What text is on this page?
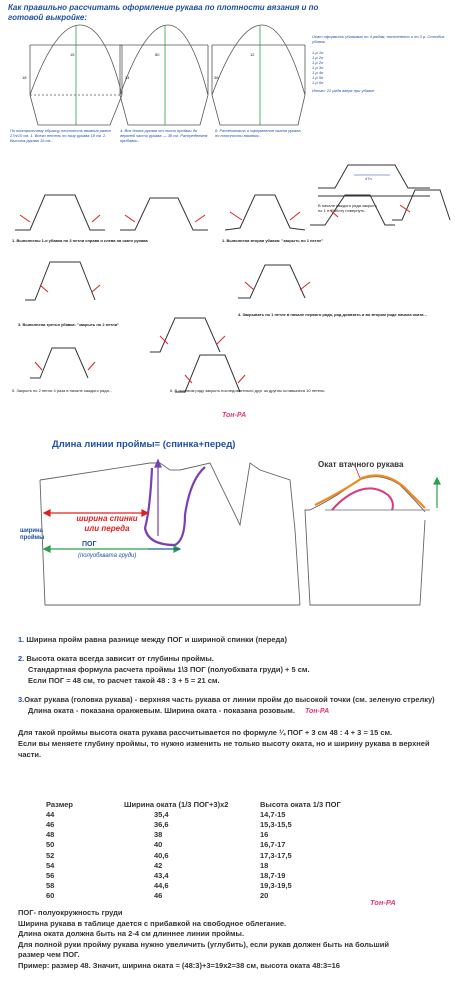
Как правильно рассчитать оформление рукава по плотности вязания и по
готовой выкройке:
По контрольному образцу плотность вязания равна 27п/10 см. 1. Всего петель по низу рукава 18 см. 2. Высота рукава 16 см...
4. Вся длина рукава от линии проймы до верхней части рукава — 38 см. Распределяем прибавки...
8. Распечатать и оформление оката рукава по плотности вязания...
Окат оформить убавками по 4 рядам, постепенно и по 3 р. Столбик убавок:
1-р 1п
1-р 2п
1-р 2п
1-р 3п
1-р 4п
1-р 5п
1-р 6п
Итого: 22 ряда вверх при убавке
47п
18	34	36
15	80	12
1. Выполнены 1-я убавка по 3 петли справа и слева на окате рукава	1. Выполнена вторая убавка: "закрыть по 1 петле"
В начале каждого ряда закрыть по 1 п. Работу повернуть.
3. Выполнена третья убавка: "закрыть по 2 петли"
4. Закрывать по 1 петле в начале первого ряда, ряд довязать и во втором ряде начала оката...
5. Закрыть по 2 петли 4 раза в начале каждого ряда...	6. В лицевом ряду закрыть последовательно друг за другом оставшиеся 10 петель.
Тон-РА
Длина линии проймы= (спинка+перед)
Окат втачного рукава
ширина спинки
или переда
ширина
проймы
ПОГ
(полуобхвата груди)

1. Ширина пройм равна разнице между ПОГ и шириной спинки (переда)

2. Высота оката всегда зависит от глубины проймы.

Стандартная формула расчета проймы 1\3 ПОГ (полуобхвата груди) + 5 см.

Если ПОГ = 48 см, то расчет такой 48 : 3 + 5 = 21 см.

3.Окат рукава (головка рукава) - верхняя часть рукава от линии пройм до высокой точки (см. зеленую стрелку)

Длина оката - показана оранжевым. Ширина оката - показана розовым. Тон-РА

Для такой проймы высота оката рукава рассчитывается по формуле ¼ ПОГ + 3 см 48 : 4 + 3 = 15 см.

Если вы меняете глубину проймы, то нужно изменить не только высоту оката, но и ширину рукава в верхней

части.

Размер	Ширина оката (1/3 ПОГ+3)х2	Высота оката 1/3 ПОГ
44	35,4	14,7-15
46	36,6	15,3-15,5
48	38	16
50	40	16,7-17
52	40,6	17,3-17,5
54	42	18
56	43,4	18,7-19
58	44,6	19,3-19,5
60	46	20
Тон-РА
ПОГ- полуокружность груди
Ширина рукава в таблице дается с прибавкой на свободное облегание.
Длина оката должна быть на 2-4 см длиннее линии проймы.
Для полной руки пройму рукава нужно увеличить (углубить), если рукав должен быть на больший
размер чем ПОГ.
Пример: размер 48. Значит, ширина оката = (48:3)+3=19х2=38 см, высота оката 48:3=16
